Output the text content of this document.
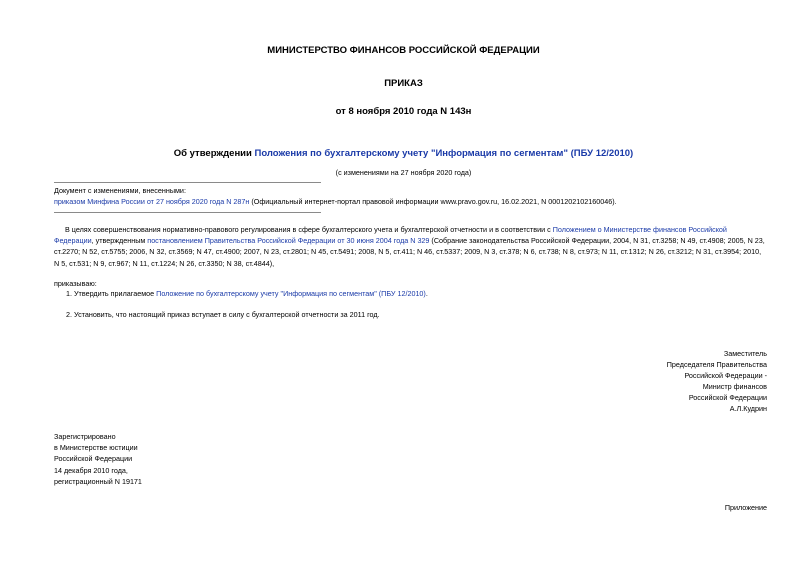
МИНИСТЕРСТВО ФИНАНСОВ РОССИЙСКОЙ ФЕДЕРАЦИИ
ПРИКАЗ
от 8 ноября 2010 года N 143н
Об утверждении Положения по бухгалтерскому учету "Информация по сегментам" (ПБУ 12/2010)
(с изменениями на 27 ноября 2020 года)
Документ с изменениями, внесенными:
приказом Минфина России от 27 ноября 2020 года N 287н (Официальный интернет-портал правовой информации www.pravo.gov.ru, 16.02.2021, N 0001202102160046).
В целях совершенствования нормативно-правового регулирования в сфере бухгалтерского учета и бухгалтерской отчетности и в соответствии с Положением о Министерстве финансов Российской Федерации, утвержденным постановлением Правительства Российской Федерации от 30 июня 2004 года N 329 (Собрание законодательства Российской Федерации, 2004, N 31, ст.3258; N 49, ст.4908; 2005, N 23, ст.2270; N 52, ст.5755; 2006, N 32, ст.3569; N 47, ст.4900; 2007, N 23, ст.2801; N 45, ст.5491; 2008, N 5, ст.411; N 46, ст.5337; 2009, N 3, ст.378; N 6, ст.738; N 8, ст.973; N 11, ст.1312; N 26, ст.3212; N 31, ст.3954; 2010, N 5, ст.531; N 9, ст.967; N 11, ст.1224; N 26, ст.3350; N 38, ст.4844),
приказываю:
1. Утвердить прилагаемое Положение по бухгалтерскому учету "Информация по сегментам" (ПБУ 12/2010).
2. Установить, что настоящий приказ вступает в силу с бухгалтерской отчетности за 2011 год.
Заместитель
Председателя Правительства
Российской Федерации -
Министр финансов
Российской Федерации
А.Л.Кудрин
Зарегистрировано
в Министерстве юстиции
Российской Федерации
14 декабря 2010 года,
регистрационный N 19171
Приложение
